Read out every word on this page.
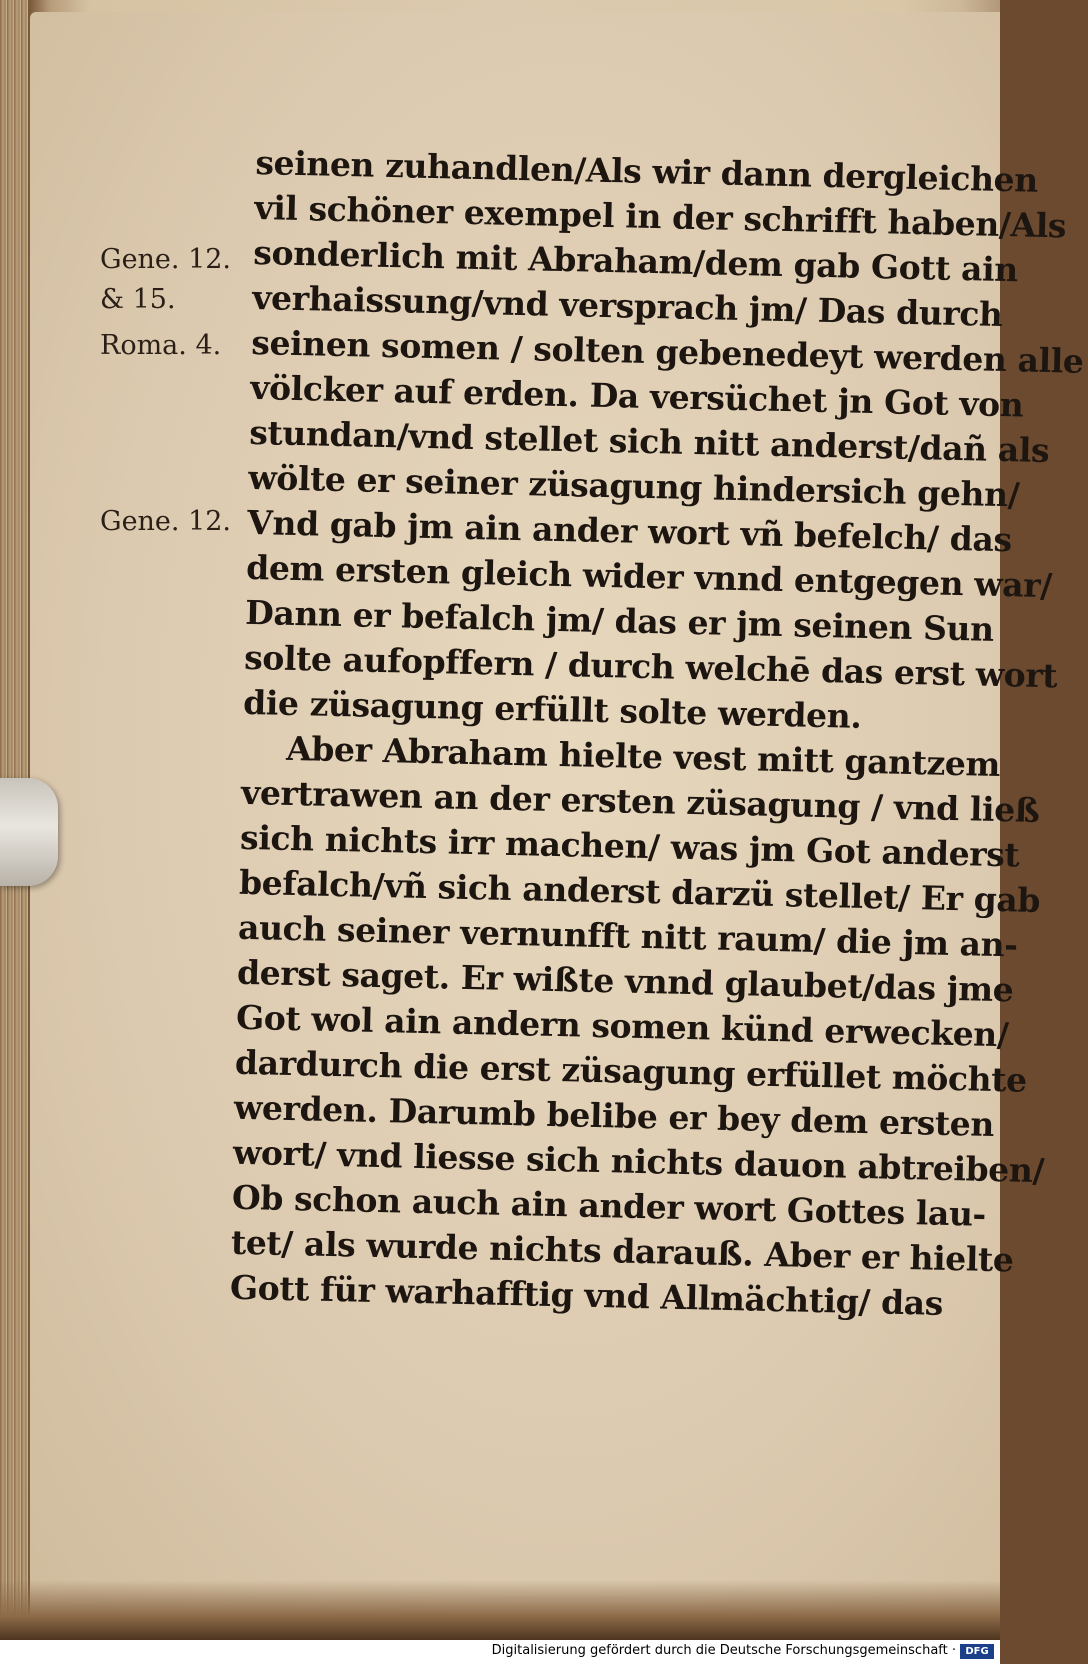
Gene. 12.
& 15.
Roma. 4.
Gene. 12.
seinen zuhandlen/Als wir dann dergleichen
vil schöner exempel in der schrifft haben/Als
sonderlich mit Abraham/dem gab Gott ain
verhaissung/vnd versprach jm/ Das durch
seinen somen / solten gebenedeyt werden alle
völcker auf erden. Da versüchet jn Got von
stundan/vnd stellet sich nitt anderst/dañ als
wölte er seiner züsagung hindersich gehn/
Vnd gab jm ain ander wort vñ befelch/ das
dem ersten gleich wider vnnd entgegen war/
Dann er befalch jm/ das er jm seinen Sun
solte aufopffern / durch welchē das erst wort
die züsagung erfüllt solte werden.
Aber Abraham hielte vest mitt gantzem
vertrawen an der ersten züsagung / vnd ließ
sich nichts irr machen/ was jm Got anderst
befalch/vñ sich anderst darzü stellet/ Er gab
auch seiner vernunfft nitt raum/ die jm an-
derst saget. Er wißte vnnd glaubet/das jme
Got wol ain andern somen künd erwecken/
dardurch die erst züsagung erfüllet möchte
werden. Darumb belibe er bey dem ersten
wort/ vnd liesse sich nichts dauon abtreiben/
Ob schon auch ain ander wort Gottes lau-
tet/ als wurde nichts darauß. Aber er hielte
Gott für warhafftig vnd Allmächtig/ das
Digitalisierung gefördert durch die Deutsche Forschungsgemeinschaft · DFG
